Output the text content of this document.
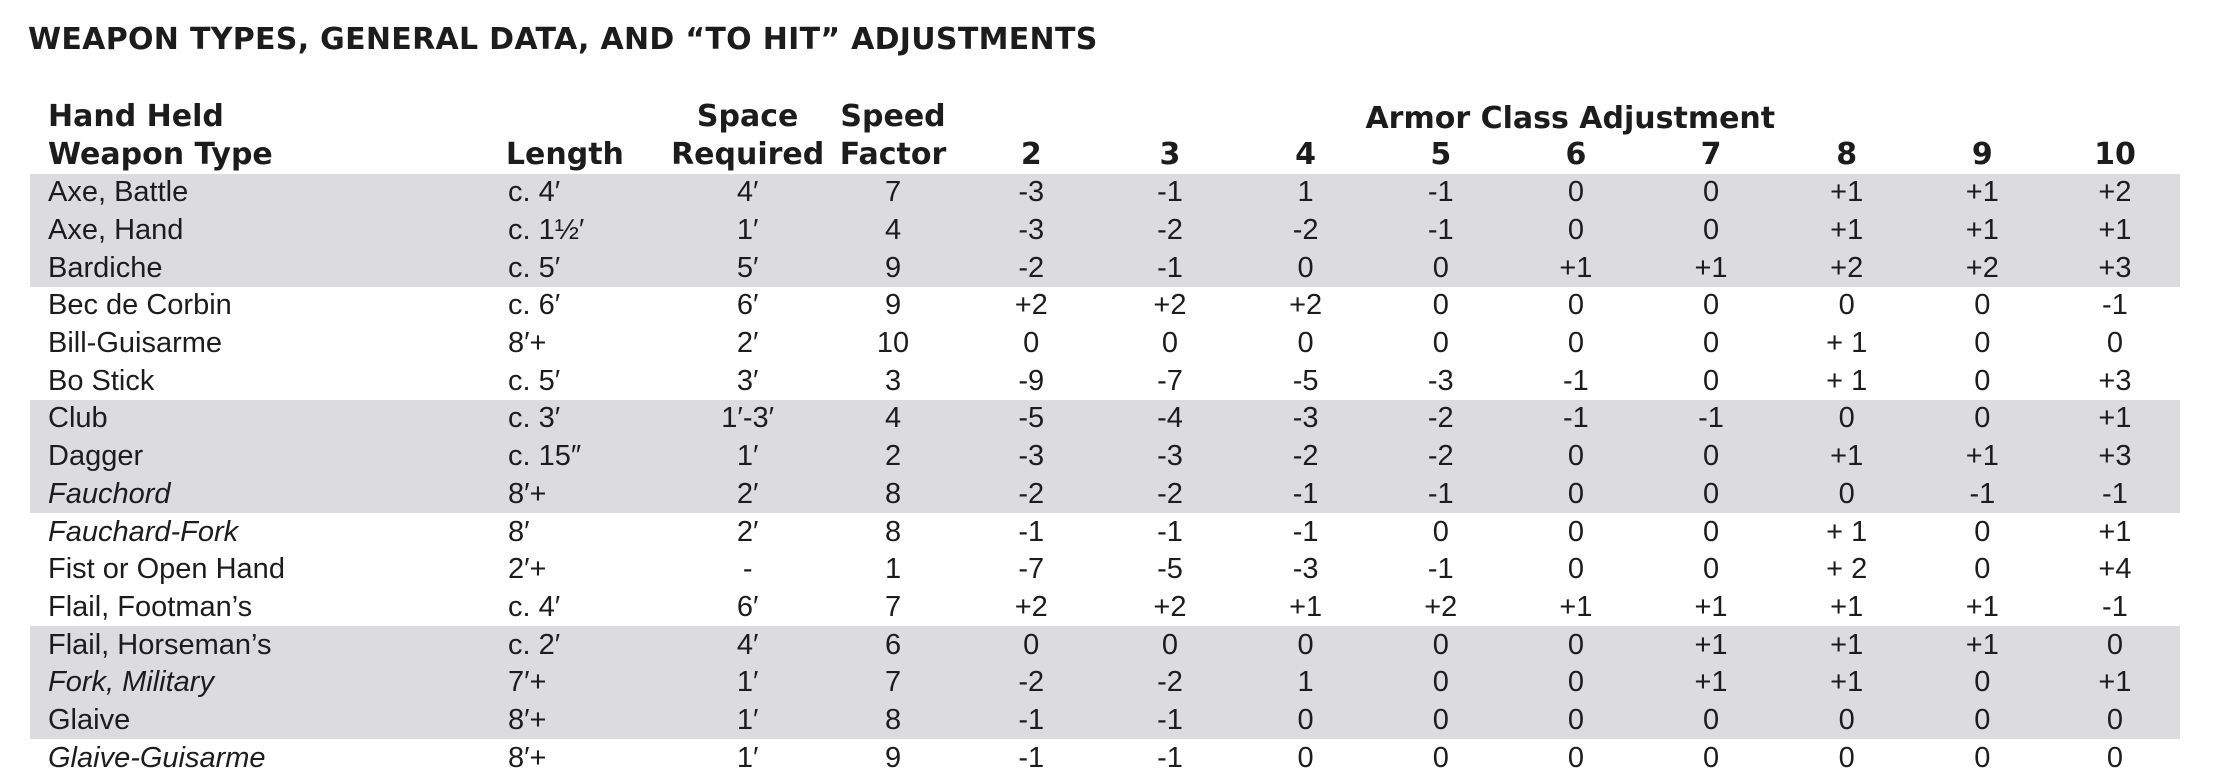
WEAPON TYPES, GENERAL DATA, AND “TO HIT” ADJUSTMENTS
Hand Held		Space	Speed	Armor Class Adjustment								
Weapon Type	Length	Required	Factor	2	3	4	5	6	7	8	9	10
Axe, Battle	c. 4′	4′	7	-3	-1	1	-1	0	0	+1	+1	+2
Axe, Hand	c. 1½′	1′	4	-3	-2	-2	-1	0	0	+1	+1	+1
Bardiche	c. 5′	5′	9	-2	-1	0	0	+1	+1	+2	+2	+3
Bec de Corbin	c. 6′	6′	9	+2	+2	+2	0	0	0	0	0	-1
Bill-Guisarme	8′+	2′	10	0	0	0	0	0	0	+ 1	0	0
Bo Stick	c. 5′	3′	3	-9	-7	-5	-3	-1	0	+ 1	0	+3
Club	c. 3′	1′-3′	4	-5	-4	-3	-2	-1	-1	0	0	+1
Dagger	c. 15″	1′	2	-3	-3	-2	-2	0	0	+1	+1	+3
Fauchord	8′+	2′	8	-2	-2	-1	-1	0	0	0	-1	-1
Fauchard-Fork	8′	2′	8	-1	-1	-1	0	0	0	+ 1	0	+1
Fist or Open Hand	2′+	-	1	-7	-5	-3	-1	0	0	+ 2	0	+4
Flail, Footman’s	c. 4′	6′	7	+2	+2	+1	+2	+1	+1	+1	+1	-1
Flail, Horseman’s	c. 2′	4′	6	0	0	0	0	0	+1	+1	+1	0
Fork, Military	7′+	1′	7	-2	-2	1	0	0	+1	+1	0	+1
Glaive	8′+	1′	8	-1	-1	0	0	0	0	0	0	0
Glaive-Guisarme	8′+	1′	9	-1	-1	0	0	0	0	0	0	0
